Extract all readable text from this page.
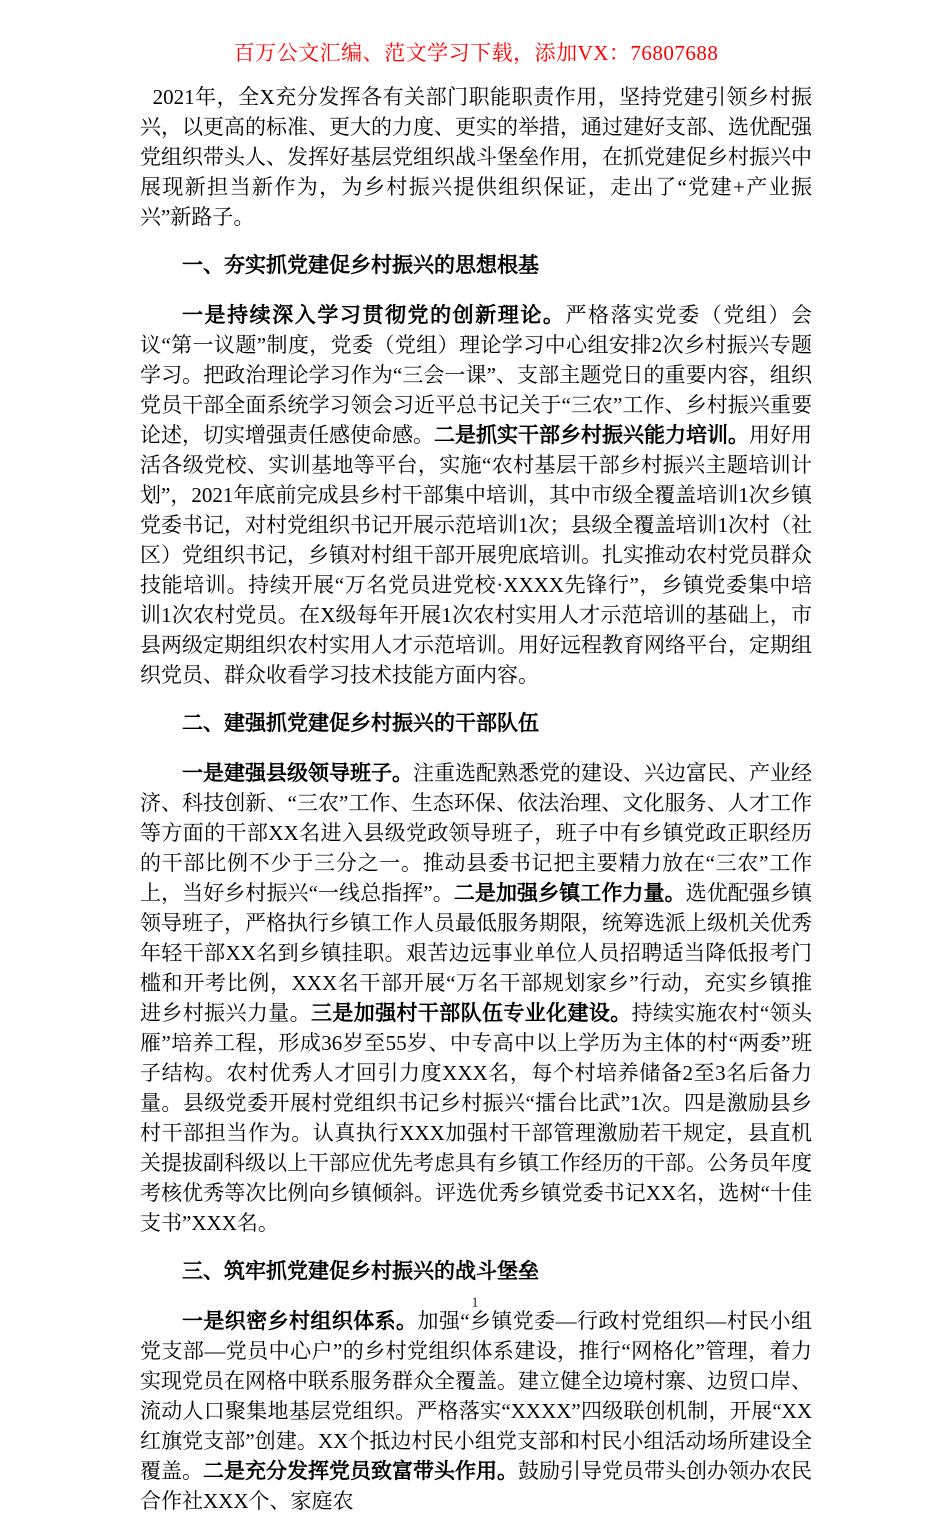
百万公文汇编、范文学习下载，添加VX：76807688

2021年，全X充分发挥各有关部门职能职责作用，坚持党建引领乡村振兴，以更高的标准、更大的力度、更实的举措，通过建好支部、选优配强党组织带头人、发挥好基层党组织战斗堡垒作用，在抓党建促乡村振兴中展现新担当新作为，为乡村振兴提供组织保证，走出了“党建+产业振兴”新路子。

一、夯实抓党建促乡村振兴的思想根基

一是持续深入学习贯彻党的创新理论。严格落实党委（党组）会议“第一议题”制度，党委（党组）理论学习中心组安排2次乡村振兴专题学习。把政治理论学习作为“三会一课”、支部主题党日的重要内容，组织党员干部全面系统学习领会习近平总书记关于“三农”工作、乡村振兴重要论述，切实增强责任感使命感。二是抓实干部乡村振兴能力培训。用好用活各级党校、实训基地等平台，实施“农村基层干部乡村振兴主题培训计划”，2021年底前完成县乡村干部集中培训，其中市级全覆盖培训1次乡镇党委书记，对村党组织书记开展示范培训1次；县级全覆盖培训1次村（社区）党组织书记，乡镇对村组干部开展兜底培训。扎实推动农村党员群众技能培训。持续开展“万名党员进党校·XXXX先锋行”，乡镇党委集中培训1次农村党员。在X级每年开展1次农村实用人才示范培训的基础上，市县两级定期组织农村实用人才示范培训。用好远程教育网络平台，定期组织党员、群众收看学习技术技能方面内容。

二、建强抓党建促乡村振兴的干部队伍

一是建强县级领导班子。注重选配熟悉党的建设、兴边富民、产业经济、科技创新、“三农”工作、生态环保、依法治理、文化服务、人才工作等方面的干部XX名进入县级党政领导班子，班子中有乡镇党政正职经历的干部比例不少于三分之一。推动县委书记把主要精力放在“三农”工作上，当好乡村振兴“一线总指挥”。二是加强乡镇工作力量。选优配强乡镇领导班子，严格执行乡镇工作人员最低服务期限，统筹选派上级机关优秀年轻干部XX名到乡镇挂职。艰苦边远事业单位人员招聘适当降低报考门槛和开考比例，XXX名干部开展“万名干部规划家乡”行动，充实乡镇推进乡村振兴力量。三是加强村干部队伍专业化建设。持续实施农村“领头雁”培养工程，形成36岁至55岁、中专高中以上学历为主体的村“两委”班子结构。农村优秀人才回引力度XXX名，每个村培养储备2至3名后备力量。县级党委开展村党组织书记乡村振兴“擂台比武”1次。四是激励县乡村干部担当作为。认真执行XXX加强村干部管理激励若干规定，县直机关提拔副科级以上干部应优先考虑具有乡镇工作经历的干部。公务员年度考核优秀等次比例向乡镇倾斜。评选优秀乡镇党委书记XX名，选树“十佳支书”XXX名。

三、筑牢抓党建促乡村振兴的战斗堡垒

一是织密乡村组织体系。加强“乡镇党委—行政村党组织—村民小组党支部—党员中心户”的乡村党组织体系建设，推行“网格化”管理，着力实现党员在网格中联系服务群众全覆盖。建立健全边境村寨、边贸口岸、流动人口聚集地基层党组织。严格落实“XXXX”四级联创机制，开展“XX红旗党支部”创建。XX个抵边村民小组党支部和村民小组活动场所建设全覆盖。二是充分发挥党员致富带头作用。鼓励引导党员带头创办领办农民合作社XXX个、家庭农

1
